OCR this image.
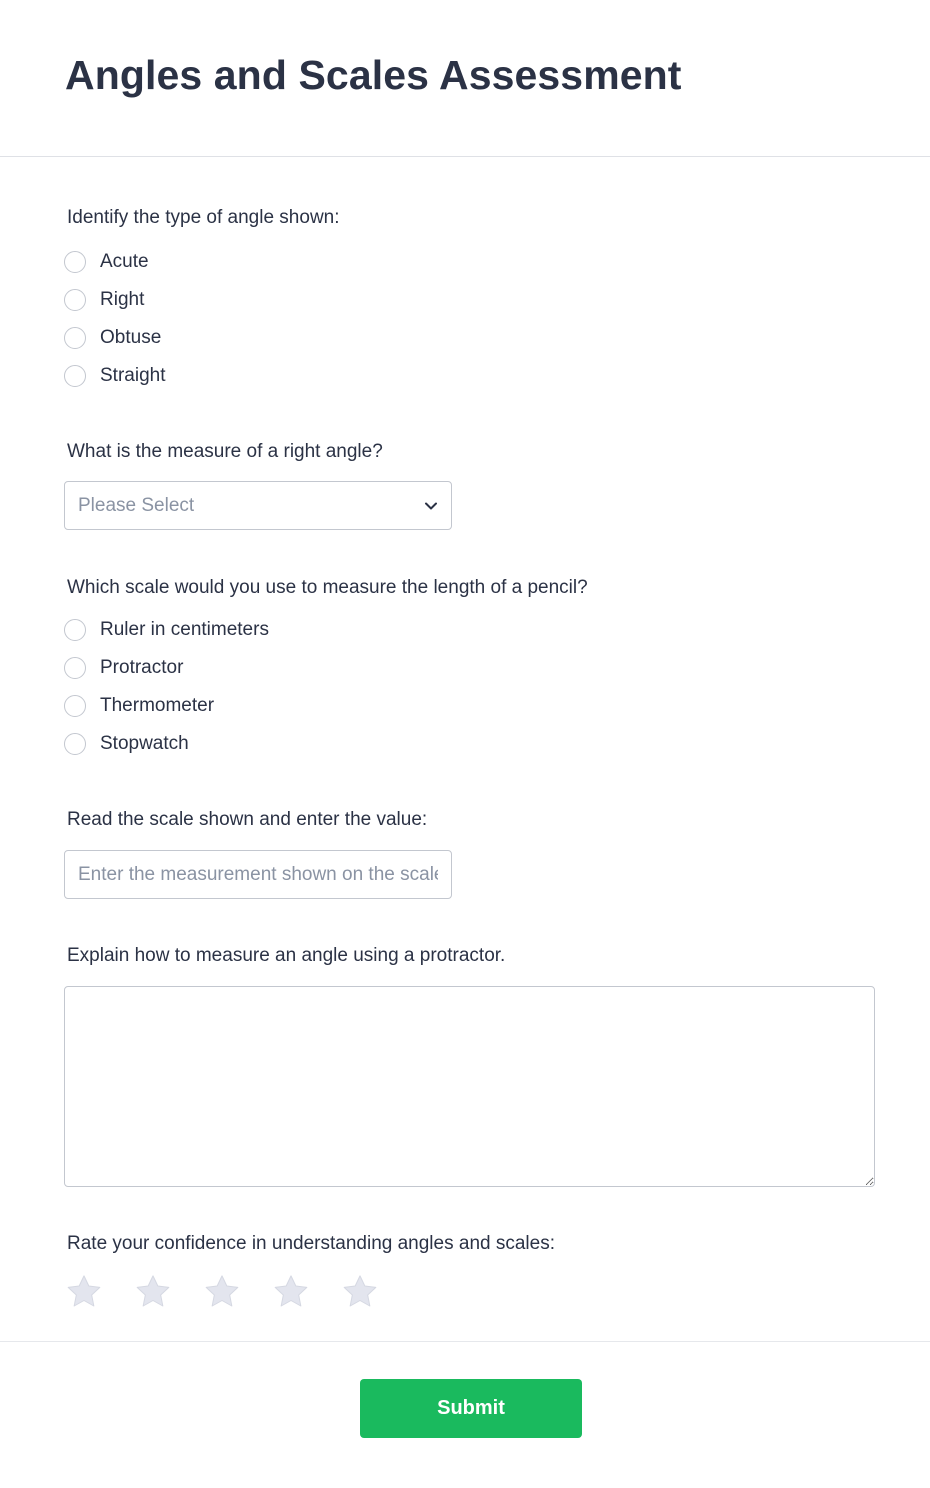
Angles and Scales Assessment

Identify the type of angle shown:

Acute
Right
Obtuse
Straight

What is the measure of a right angle?

Please Select

Which scale would you use to measure the length of a pencil?

Ruler in centimeters
Protractor
Thermometer
Stopwatch

Read the scale shown and enter the value:

Enter the measurement shown on the scale

Explain how to measure an angle using a protractor.

Rate your confidence in understanding angles and scales:

Submit
